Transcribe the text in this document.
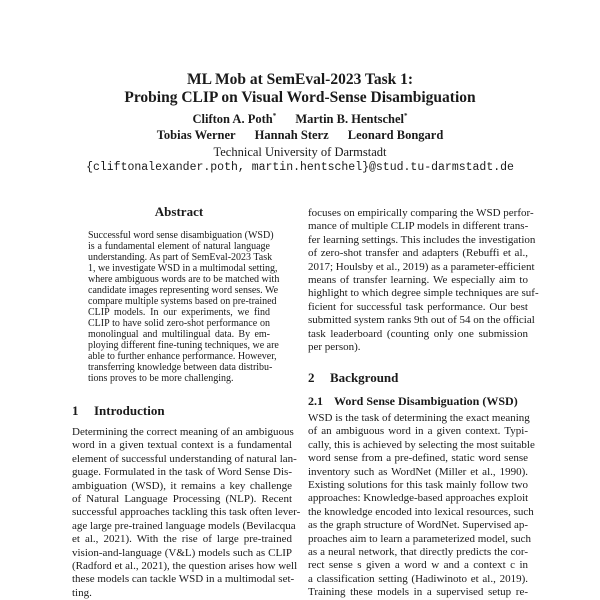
ML Mob at SemEval-2023 Task 1:
Probing CLIP on Visual Word-Sense Disambiguation
Clifton A. Poth* Martin B. Hentschel*
Tobias Werner Hannah Sterz Leonard Bongard
Technical University of Darmstadt
{cliftonalexander.poth, martin.hentschel}@stud.tu-darmstadt.de
Abstract
Successful word sense disambiguation (WSD)
is a fundamental element of natural language
understanding. As part of SemEval-2023 Task
1, we investigate WSD in a multimodal setting,
where ambiguous words are to be matched with
candidate images representing word senses. We
compare multiple systems based on pre-trained
CLIP models. In our experiments, we find
CLIP to have solid zero-shot performance on
monolingual and multilingual data. By em-
ploying different fine-tuning techniques, we are
able to further enhance performance. However,
transferring knowledge between data distribu-
tions proves to be more challenging.
1 Introduction
Determining the correct meaning of an ambiguous
word in a given textual context is a fundamental
element of successful understanding of natural lan-
guage. Formulated in the task of Word Sense Dis-
ambiguation (WSD), it remains a key challenge
of Natural Language Processing (NLP). Recent
successful approaches tackling this task often lever-
age large pre-trained language models (Bevilacqua
et al., 2021). With the rise of large pre-trained
vision-and-language (V&L) models such as CLIP
(Radford et al., 2021), the question arises how well
these models can tackle WSD in a multimodal set-
ting.
focuses on empirically comparing the WSD perfor-
mance of multiple CLIP models in different trans-
fer learning settings. This includes the investigation
of zero-shot transfer and adapters (Rebuffi et al.,
2017; Houlsby et al., 2019) as a parameter-efficient
means of transfer learning. We especially aim to
highlight to which degree simple techniques are suf-
ficient for successful task performance. Our best
submitted system ranks 9th out of 54 on the official
task leaderboard (counting only one submission
per person).
2 Background
2.1 Word Sense Disambiguation (WSD)
WSD is the task of determining the exact meaning
of an ambiguous word in a given context. Typi-
cally, this is achieved by selecting the most suitable
word sense from a pre-defined, static word sense
inventory such as WordNet (Miller et al., 1990).
Existing solutions for this task mainly follow two
approaches: Knowledge-based approaches exploit
the knowledge encoded into lexical resources, such
as the graph structure of WordNet. Supervised ap-
proaches aim to learn a parameterized model, such
as a neural network, that directly predicts the cor-
rect sense s given a word w and a context c in
a classification setting (Hadiwinoto et al., 2019).
Training these models in a supervised setup re-
